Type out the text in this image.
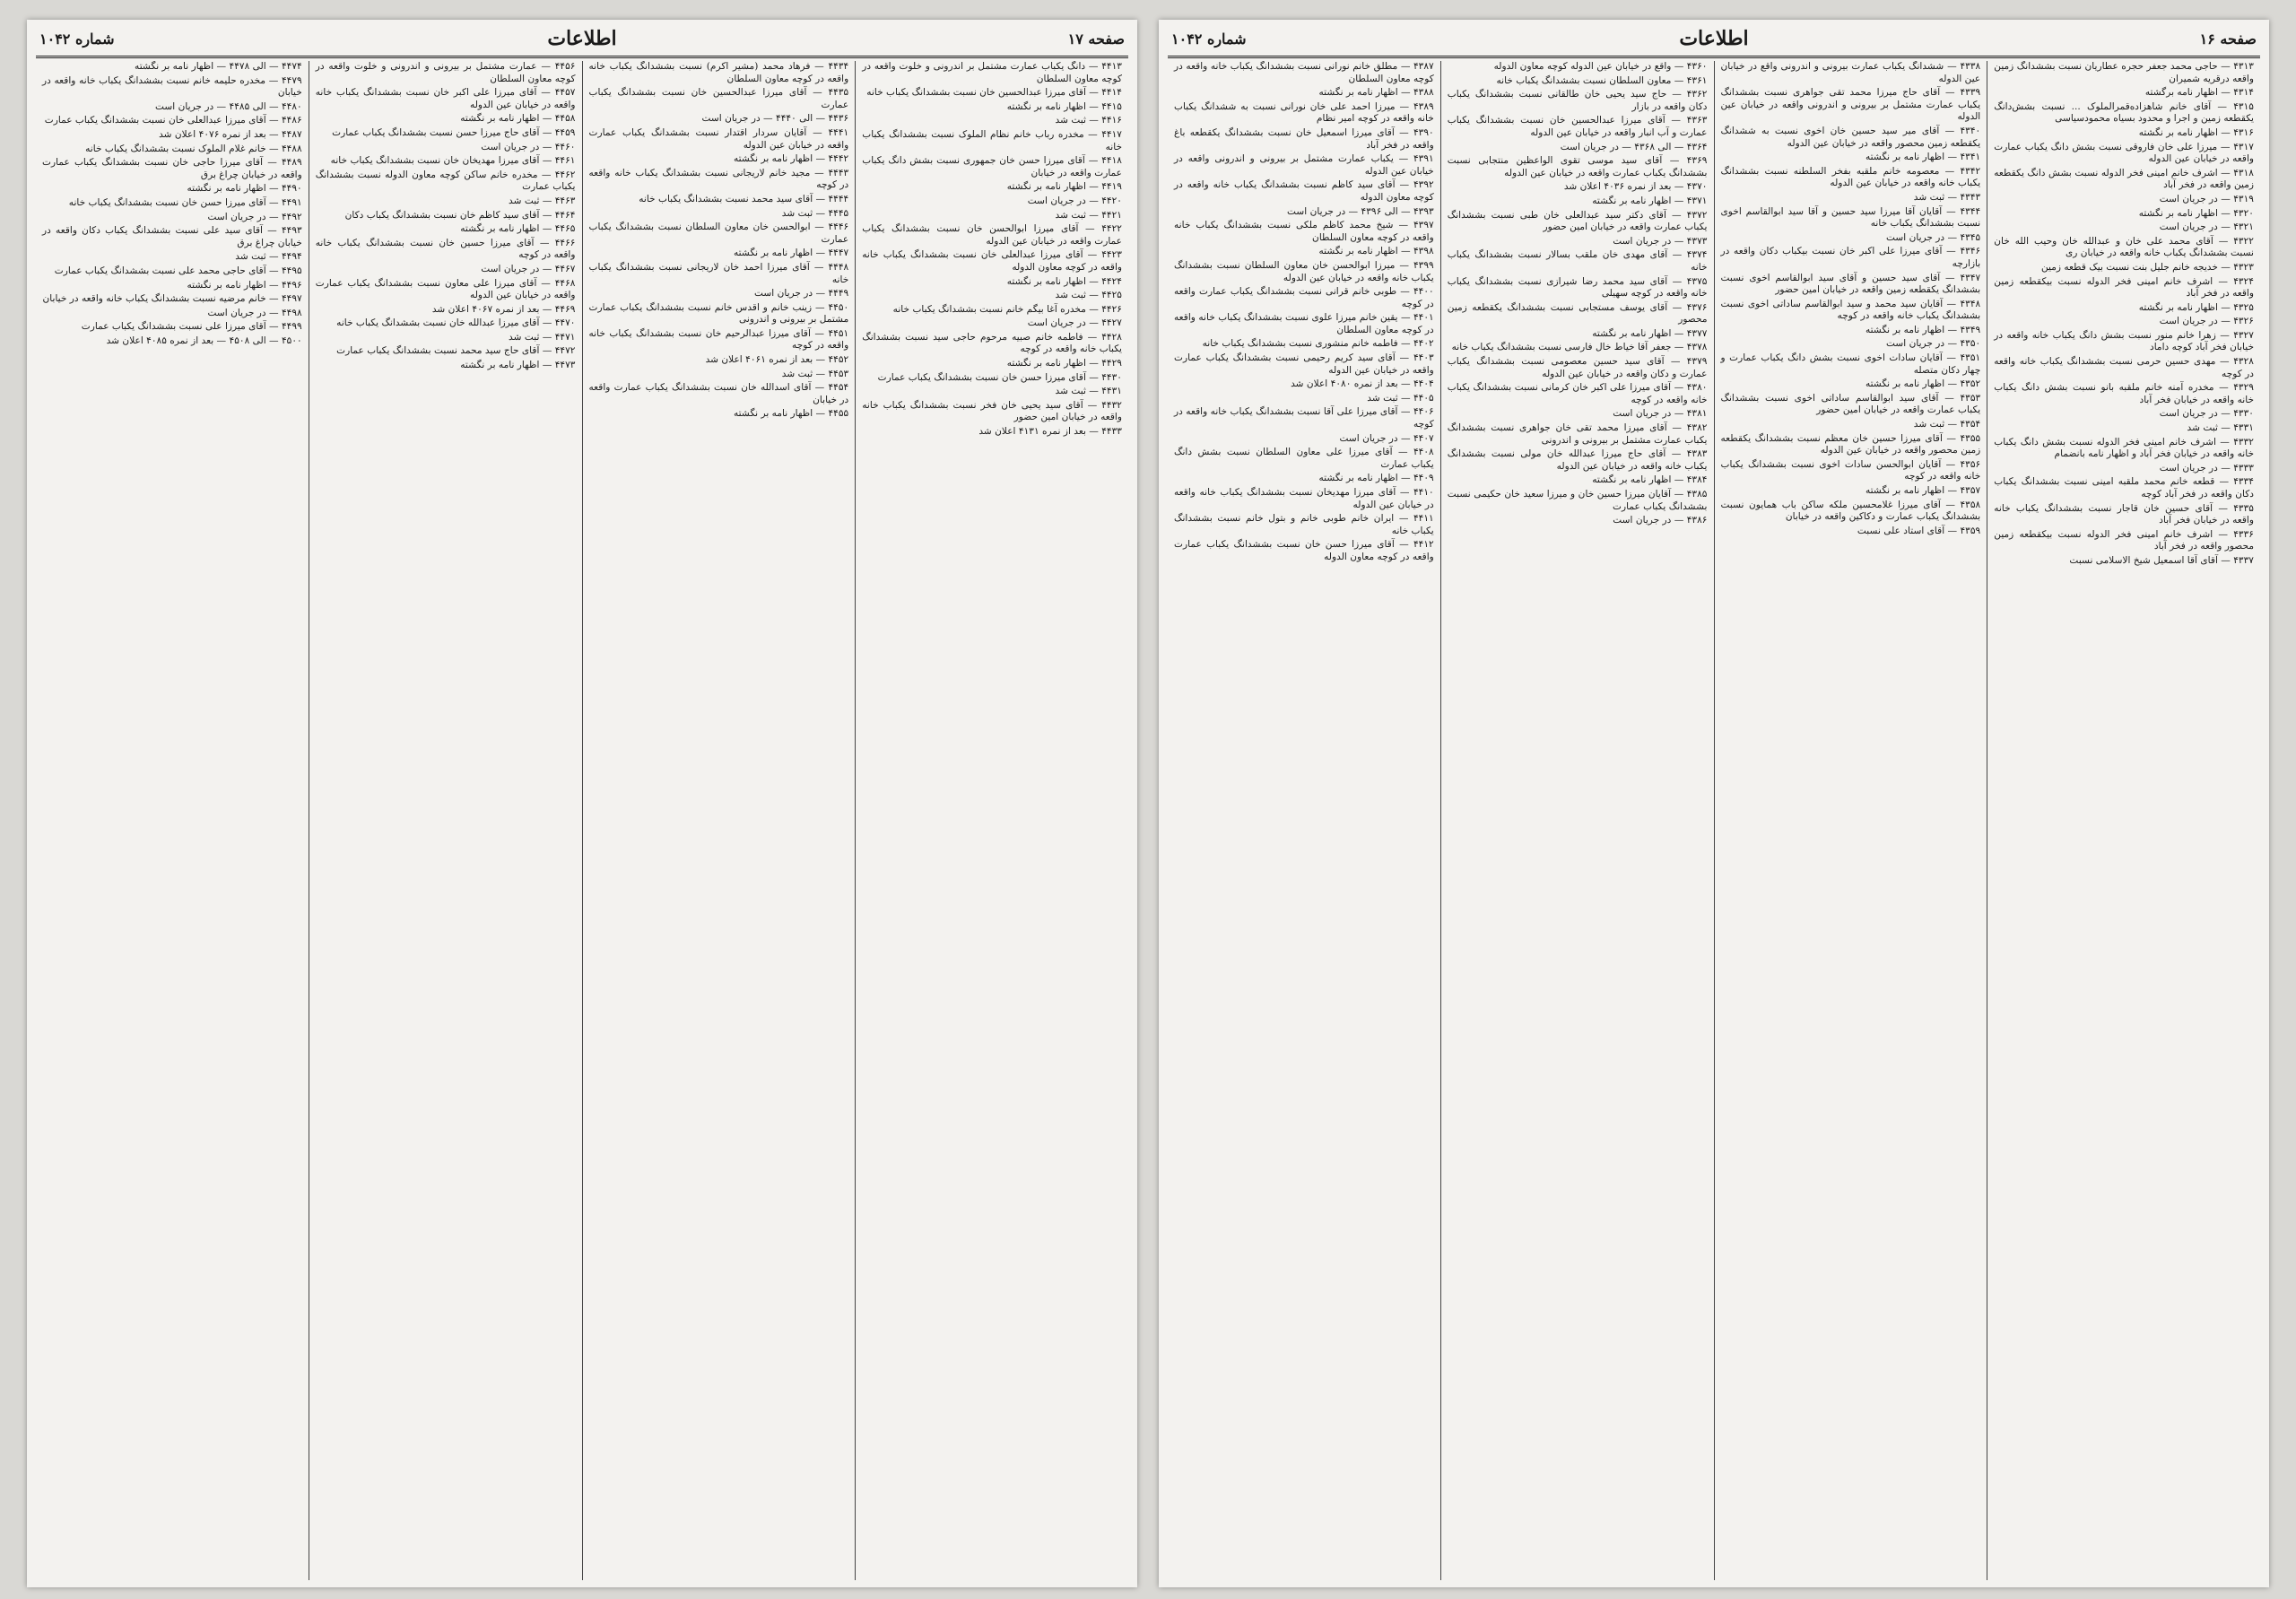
صفحه ۱۷
اطلاعات
شماره ۱۰۴۲

۴۴۱۳ — دانگ یکباب عمارت مشتمل بر اندرونی و خلوت واقعه در کوچه معاون السلطان

۴۴۱۴ — آقای میرزا عبدالحسین خان نسبت بششدانگ یکباب خانه

۴۴۱۵ — اظهار نامه بر نگشته

۴۴۱۶ — ثبت شد

۴۴۱۷ — مخدره رباب خانم نظام الملوک نسبت بششدانگ یکباب خانه

۴۴۱۸ — آقای میرزا حسن خان جمهوری نسبت بشش دانگ یکباب عمارت واقعه در خیابان

۴۴۱۹ — اظهار نامه بر نگشته

۴۴۲۰ — در جریان است

۴۴۲۱ — ثبت شد

۴۴۲۲ — آقای میرزا ابوالحسن خان نسبت بششدانگ یکباب عمارت واقعه در خیابان عین الدوله

۴۴۲۳ — آقای میرزا عبدالعلی خان نسبت بششدانگ یکباب خانه واقعه در کوچه معاون الدوله

۴۴۲۴ — اظهار نامه بر نگشته

۴۴۲۵ — ثبت شد

۴۴۲۶ — مخدره آغا بیگم خانم نسبت بششدانگ یکباب خانه

۴۴۲۷ — در جریان است

۴۴۲۸ — فاطمه خانم صبیه مرحوم حاجی سید نسبت بششدانگ یکباب خانه واقعه در کوچه

۴۴۲۹ — اظهار نامه بر نگشته

۴۴۳۰ — آقای میرزا حسن خان نسبت بششدانگ یکباب عمارت

۴۴۳۱ — ثبت شد

۴۴۳۲ — آقای سید یحیی خان فخر نسبت بششدانگ یکباب خانه واقعه در خیابان امین حضور

۴۴۳۳ — بعد از نمره ۴۱۳۱ اعلان شد

۴۴۳۴ — فرهاد محمد (مشیر اکرم) نسبت بششدانگ یکباب خانه واقعه در کوچه معاون السلطان

۴۴۳۵ — آقای میرزا عبدالحسین خان نسبت بششدانگ یکباب عمارت

۴۴۳۶ — الی ۴۴۴۰ — در جریان است

۴۴۴۱ — آقایان سردار اقتدار نسبت بششدانگ یکباب عمارت واقعه در خیابان عین الدوله

۴۴۴۲ — اظهار نامه بر نگشته

۴۴۴۳ — مجید خانم لاریجانی نسبت بششدانگ یکباب خانه واقعه در کوچه

۴۴۴۴ — آقای سید محمد نسبت بششدانگ یکباب خانه

۴۴۴۵ — ثبت شد

۴۴۴۶ — ابوالحسن خان معاون السلطان نسبت بششدانگ یکباب عمارت

۴۴۴۷ — اظهار نامه بر نگشته

۴۴۴۸ — آقای میرزا احمد خان لاریجانی نسبت بششدانگ یکباب خانه

۴۴۴۹ — در جریان است

۴۴۵۰ — زینب خانم و اقدس خانم نسبت بششدانگ یکباب عمارت مشتمل بر بیرونی و اندرونی

۴۴۵۱ — آقای میرزا عبدالرحیم خان نسبت بششدانگ یکباب خانه واقعه در کوچه

۴۴۵۲ — بعد از نمره ۴۰۶۱ اعلان شد

۴۴۵۳ — ثبت شد

۴۴۵۴ — آقای اسدالله خان نسبت بششدانگ یکباب عمارت واقعه در خیابان

۴۴۵۵ — اظهار نامه بر نگشته

۴۴۵۶ — عمارت مشتمل بر بیرونی و اندرونی و خلوت واقعه در کوچه معاون السلطان

۴۴۵۷ — آقای میرزا علی اکبر خان نسبت بششدانگ یکباب خانه واقعه در خیابان عین الدوله

۴۴۵۸ — اظهار نامه بر نگشته

۴۴۵۹ — آقای حاج میرزا حسن نسبت بششدانگ یکباب عمارت

۴۴۶۰ — در جریان است

۴۴۶۱ — آقای میرزا مهدیخان خان نسبت بششدانگ یکباب خانه

۴۴۶۲ — مخدره خانم ساکن کوچه معاون الدوله نسبت بششدانگ یکباب عمارت

۴۴۶۳ — ثبت شد

۴۴۶۴ — آقای سید کاظم خان نسبت بششدانگ یکباب دکان

۴۴۶۵ — اظهار نامه بر نگشته

۴۴۶۶ — آقای میرزا حسین خان نسبت بششدانگ یکباب خانه واقعه در کوچه

۴۴۶۷ — در جریان است

۴۴۶۸ — آقای میرزا علی معاون نسبت بششدانگ یکباب عمارت واقعه در خیابان عین الدوله

۴۴۶۹ — بعد از نمره ۴۰۶۷ اعلان شد

۴۴۷۰ — آقای میرزا عبدالله خان نسبت بششدانگ یکباب خانه

۴۴۷۱ — ثبت شد

۴۴۷۲ — آقای حاج سید محمد نسبت بششدانگ یکباب عمارت

۴۴۷۳ — اظهار نامه بر نگشته

۴۴۷۴ — الی ۴۴۷۸ — اظهار نامه بر نگشته

۴۴۷۹ — مخدره حلیمه خانم نسبت بششدانگ یکباب خانه واقعه در خیابان

۴۴۸۰ — الی ۴۴۸۵ — در جریان است

۴۴۸۶ — آقای میرزا عبدالعلی خان نسبت بششدانگ یکباب عمارت

۴۴۸۷ — بعد از نمره ۴۰۷۶ اعلان شد

۴۴۸۸ — خانم غلام الملوک نسبت بششدانگ یکباب خانه

۴۴۸۹ — آقای میرزا حاجی خان نسبت بششدانگ یکباب عمارت واقعه در خیابان چراغ برق

۴۴۹۰ — اظهار نامه بر نگشته

۴۴۹۱ — آقای میرزا حسن خان نسبت بششدانگ یکباب خانه

۴۴۹۲ — در جریان است

۴۴۹۳ — آقای سید علی نسبت بششدانگ یکباب دکان واقعه در خیابان چراغ برق

۴۴۹۴ — ثبت شد

۴۴۹۵ — آقای حاجی محمد علی نسبت بششدانگ یکباب عمارت

۴۴۹۶ — اظهار نامه بر نگشته

۴۴۹۷ — خانم مرضیه نسبت بششدانگ یکباب خانه واقعه در خیابان

۴۴۹۸ — در جریان است

۴۴۹۹ — آقای میرزا علی نسبت بششدانگ یکباب عمارت

۴۵۰۰ — الی ۴۵۰۸ — بعد از نمره ۴۰۸۵ اعلان شد

صفحه ۱۶
اطلاعات
شماره ۱۰۴۲

۴۳۱۳ — حاجی محمد جعفر حجره عطاریان نسبت بششدانگ زمین واقعه درقریه شمیران

۴۳۱۴ — اظهار نامه برگشته

۴۳۱۵ — آقای خانم شاهزاده‌قمر‌الملوک ... نسبت بشش‌دانگ یکقطعه زمین و اجرا و محدود بسیاه محمود‌سیاسی

۴۳۱۶ — اظهار نامه بر نگشته

۴۳۱۷ — میرزا علی خان فاروقی نسبت بشش دانگ یکباب عمارت واقعه در خیابان عین الدوله

۴۳۱۸ — اشرف خانم امینی فخر الدوله نسبت بشش دانگ یکقطعه زمین واقعه در فخر آباد

۴۳۱۹ — در جریان است

۴۳۲۰ — اظهار نامه بر نگشته

۴۳۲۱ — در جریان است

۴۳۲۲ — آقای محمد علی خان و عبدالله خان وحیب الله خان نسبت بششدانگ یکباب خانه واقعه در خیابان ری

۴۳۲۳ — خدیجه خانم جلیل بنت نسبت بیک قطعه زمین

۴۳۲۴ — اشرف خانم امینی فخر الدوله نسبت بیکقطعه زمین واقعه در فخر آباد

۴۳۲۵ — اظهار نامه بر نگشته

۴۳۲۶ — در جریان است

۴۳۲۷ — زهرا خانم منور نسبت بشش دانگ یکباب خانه واقعه در خیابان فخر آباد کوچه داماد

۴۳۲۸ — مهدی حسین حرمی نسبت بششدانگ یکباب خانه واقعه در کوچه

۴۳۲۹ — مخدره آمنه خانم ملقبه بانو نسبت بشش دانگ یکباب خانه واقعه در خیابان فخر آباد

۴۳۳۰ — در جریان است

۴۳۳۱ — ثبت شد

۴۳۳۲ — اشرف خانم امینی فخر الدوله نسبت بشش دانگ یکباب خانه واقعه در خیابان فخر آباد و اظهار نامه بانضمام

۴۳۳۳ — در جریان است

۴۳۳۴ — قطعه خانم محمد ملقبه امینی نسبت بششدانگ یکباب دکان واقعه در فخر آباد کوچه

۴۳۳۵ — آقای حسین خان قاجار نسبت بششدانگ یکباب خانه واقعه در خیابان فخر آباد

۴۳۳۶ — اشرف خانم امینی فخر الدوله نسبت بیکقطعه زمین محصور واقعه در فخر آباد

۴۳۳۷ — آقای آقا اسمعیل شیخ الاسلامی نسبت

۴۳۳۸ — ششدانگ یکباب عمارت بیرونی و اندرونی واقع در خیابان عین الدوله

۴۳۳۹ — آقای حاج میرزا محمد تقی جواهری نسبت بششدانگ یکباب عمارت مشتمل بر بیرونی و اندرونی واقعه در خیابان عین الدوله

۴۳۴۰ — آقای میر سید حسین خان اخوی نسبت به ششدانگ یکقطعه زمین محصور واقعه در خیابان عین الدوله

۴۳۴۱ — اظهار نامه بر نگشته

۴۳۴۲ — معصومه خانم ملقبه بفخر السلطنه نسبت بششدانگ یکباب خانه واقعه در خیابان عین الدوله

۴۳۴۳ — ثبت شد

۴۳۴۴ — آقایان آقا میرزا سید حسین و آقا سید ابوالقاسم اخوی نسبت بششدانگ یکباب خانه

۴۳۴۵ — در جریان است

۴۳۴۶ — آقای میرزا علی اکبر خان نسبت بیکباب دکان واقعه در بازارچه

۴۳۴۷ — آقای سید حسین و آقای سید ابوالقاسم اخوی نسبت بششدانگ یکقطعه زمین واقعه در خیابان امین حضور

۴۳۴۸ — آقایان سید محمد و سید ابوالقاسم ساداتی اخوی نسبت بششدانگ یکباب خانه واقعه در کوچه

۴۳۴۹ — اظهار نامه بر نگشته

۴۳۵۰ — در جریان است

۴۳۵۱ — آقایان سادات اخوی نسبت بشش دانگ یکباب عمارت و چهار دکان متصله

۴۳۵۲ — اظهار نامه بر نگشته

۴۳۵۳ — آقای سید ابوالقاسم ساداتی اخوی نسبت بششدانگ یکباب عمارت واقعه در خیابان امین حضور

۴۳۵۴ — ثبت شد

۴۳۵۵ — آقای میرزا حسین خان معظم نسبت بششدانگ یکقطعه زمین محصور واقعه در خیابان عین الدوله

۴۳۵۶ — آقایان ابوالحسن سادات اخوی نسبت بششدانگ یکباب خانه واقعه در کوچه

۴۳۵۷ — اظهار نامه بر نگشته

۴۳۵۸ — آقای میرزا غلامحسین ملکه ساکن باب همایون نسبت بششدانگ یکباب عمارت و دکاکین واقعه در خیابان

۴۳۵۹ — آقای استاد علی نسبت

۴۳۶۰ — واقع در خیابان عین الدوله کوچه معاون الدوله

۴۳۶۱ — معاون السلطان نسبت بششدانگ یکباب خانه

۴۳۶۲ — حاج سید یحیی خان طالقانی نسبت بششدانگ یکباب دکان واقعه در بازار

۴۳۶۳ — آقای میرزا عبدالحسین خان نسبت بششدانگ یکباب عمارت و آب انبار واقعه در خیابان عین الدوله

۴۳۶۴ — الی ۴۳۶۸ — در جریان است

۴۳۶۹ — آقای سید موسی تقوی الواعظین منتجابی نسبت بششدانگ یکباب عمارت واقعه در خیابان عین الدوله

۴۳۷۰ — بعد از نمره ۴۰۳۶ اعلان شد

۴۳۷۱ — اظهار نامه بر نگشته

۴۳۷۲ — آقای دکتر سید عبدالعلی خان طبی نسبت بششدانگ یکباب عمارت واقعه در خیابان امین حضور

۴۳۷۳ — در جریان است

۴۳۷۴ — آقای مهدی خان ملقب بسالار نسبت بششدانگ یکباب خانه

۴۳۷۵ — آقای سید محمد رضا شیرازی نسبت بششدانگ یکباب خانه واقعه در کوچه سهیلی

۴۳۷۶ — آقای یوسف مستجابی نسبت بششدانگ یکقطعه زمین محصور

۴۳۷۷ — اظهار نامه بر نگشته

۴۳۷۸ — جعفر آقا خیاط خال فارسی نسبت بششدانگ یکباب خانه

۴۳۷۹ — آقای سید حسین معصومی نسبت بششدانگ یکباب عمارت و دکان واقعه در خیابان عین الدوله

۴۳۸۰ — آقای میرزا علی اکبر خان کرمانی نسبت بششدانگ یکباب خانه واقعه در کوچه

۴۳۸۱ — در جریان است

۴۳۸۲ — آقای میرزا محمد تقی خان جواهری نسبت بششدانگ یکباب عمارت مشتمل بر بیرونی و اندرونی

۴۳۸۳ — آقای حاج میرزا عبدالله خان مولی نسبت بششدانگ یکباب خانه واقعه در خیابان عین الدوله

۴۳۸۴ — اظهار نامه بر نگشته

۴۳۸۵ — آقایان میرزا حسین خان و میرزا سعید خان حکیمی نسبت بششدانگ یکباب عمارت

۴۳۸۶ — در جریان است

۴۳۸۷ — مطلق خانم نورانی نسبت بششدانگ یکباب خانه واقعه در کوچه معاون السلطان

۴۳۸۸ — اظهار نامه بر نگشته

۴۳۸۹ — میرزا احمد علی خان نورانی نسبت به ششدانگ یکباب خانه واقعه در کوچه امیر نظام

۴۳۹۰ — آقای میرزا اسمعیل خان نسبت بششدانگ یکقطعه باغ واقعه در فخر آباد

۴۳۹۱ — یکباب عمارت مشتمل بر بیرونی و اندرونی واقعه در خیابان عین الدوله

۴۳۹۲ — آقای سید کاظم نسبت بششدانگ یکباب خانه واقعه در کوچه معاون الدوله

۴۳۹۳ — الی ۴۳۹۶ — در جریان است

۴۳۹۷ — شیخ محمد کاظم ملکی نسبت بششدانگ یکباب خانه واقعه در کوچه معاون السلطان

۴۳۹۸ — اظهار نامه بر نگشته

۴۳۹۹ — میرزا ابوالحسن خان معاون السلطان نسبت بششدانگ یکباب خانه واقعه در خیابان عین الدوله

۴۴۰۰ — طوبی خانم قرانی نسبت بششدانگ یکباب عمارت واقعه در کوچه

۴۴۰۱ — یقین خانم میرزا علوی نسبت بششدانگ یکباب خانه واقعه در کوچه معاون السلطان

۴۴۰۲ — فاطمه خانم منشوری نسبت بششدانگ یکباب خانه

۴۴۰۳ — آقای سید کریم رحیمی نسبت بششدانگ یکباب عمارت واقعه در خیابان عین الدوله

۴۴۰۴ — بعد از نمره ۴۰۸۰ اعلان شد

۴۴۰۵ — ثبت شد

۴۴۰۶ — آقای میرزا علی آقا نسبت بششدانگ یکباب خانه واقعه در کوچه

۴۴۰۷ — در جریان است

۴۴۰۸ — آقای میرزا علی معاون السلطان نسبت بشش دانگ یکباب عمارت

۴۴۰۹ — اظهار نامه بر نگشته

۴۴۱۰ — آقای میرزا مهدیخان نسبت بششدانگ یکباب خانه واقعه در خیابان عین الدوله

۴۴۱۱ — ایران خانم طوبی خانم و بتول خانم نسبت بششدانگ یکباب خانه

۴۴۱۲ — آقای میرزا حسن خان نسبت بششدانگ یکباب عمارت واقعه در کوچه معاون الدوله
